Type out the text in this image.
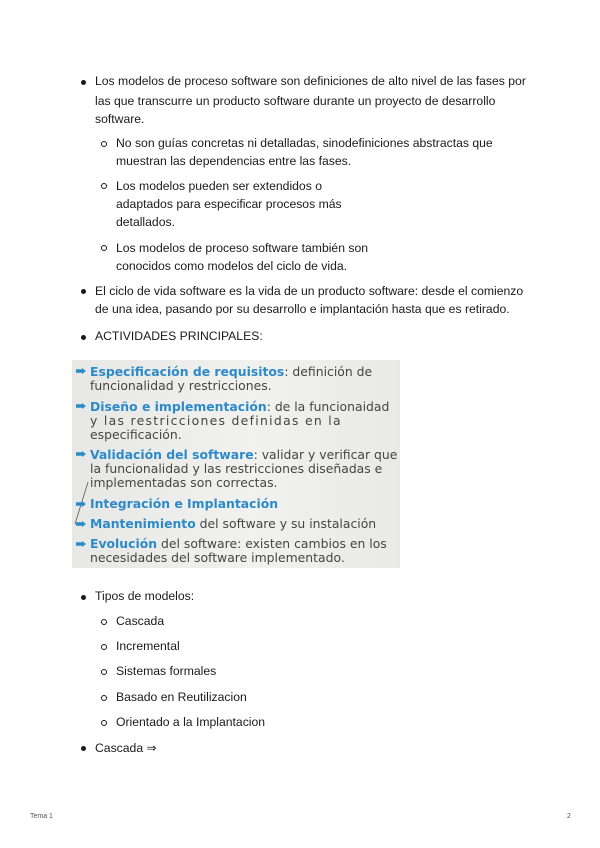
Los modelos de proceso software son definiciones de alto nivel de las fases por
las que transcurre un producto software durante un proyecto de desarrollo
software.
No son guías concretas ni detalladas, sinodefiniciones abstractas que
muestran las dependencias entre las fases.
Los modelos pueden ser extendidos o
adaptados para especificar procesos más
detallados.
Los modelos de proceso software también son
conocidos como modelos del ciclo de vida.
El ciclo de vida software es la vida de un producto software: desde el comienzo
de una idea, pasando por su desarrollo e implantación hasta que es retirado.
ACTIVIDADES PRINCIPALES:
Especificación de requisitos: definición de
funcionalidad y restricciones.
Diseño e implementación: de la funcionaidad
y las restricciones definidas en la
especificación.
Validación del software: validar y verificar que
la funcionalidad y las restricciones diseñadas e
implementadas son correctas.
Integración e Implantación
Mantenimiento del software y su instalación
Evolución del software: existen cambios en los
necesidades del software implementado.
Tipos de modelos:
Cascada
Incremental
Sistemas formales
Basado en Reutilizacion
Orientado a la Implantacion
Cascada ⇒
Tema 1	2
